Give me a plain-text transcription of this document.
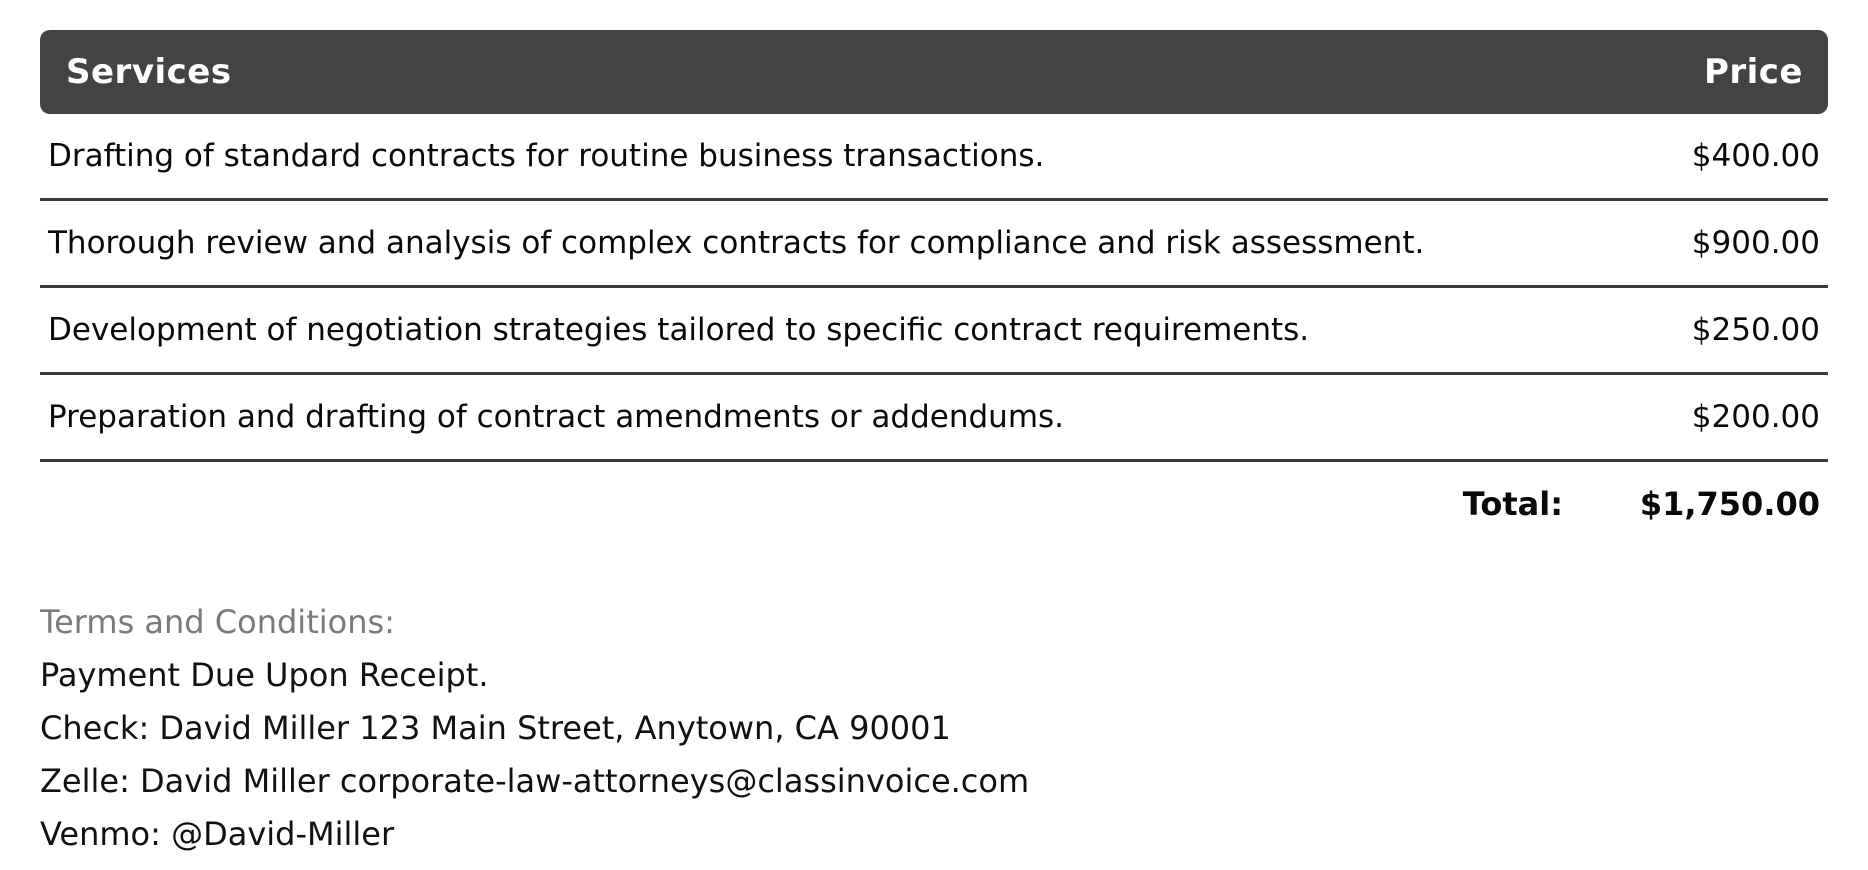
Services	Price
Drafting of standard contracts for routine business transactions.	$400.00
Thorough review and analysis of complex contracts for compliance and risk assessment.	$900.00
Development of negotiation strategies tailored to specific contract requirements.	$250.00
Preparation and drafting of contract amendments or addendums.	$200.00
Total:	$1,750.00
Terms and Conditions:
Payment Due Upon Receipt.
Check: David Miller 123 Main Street, Anytown, CA 90001
Zelle: David Miller corporate-law-attorneys@classinvoice.com
Venmo: @David-Miller
